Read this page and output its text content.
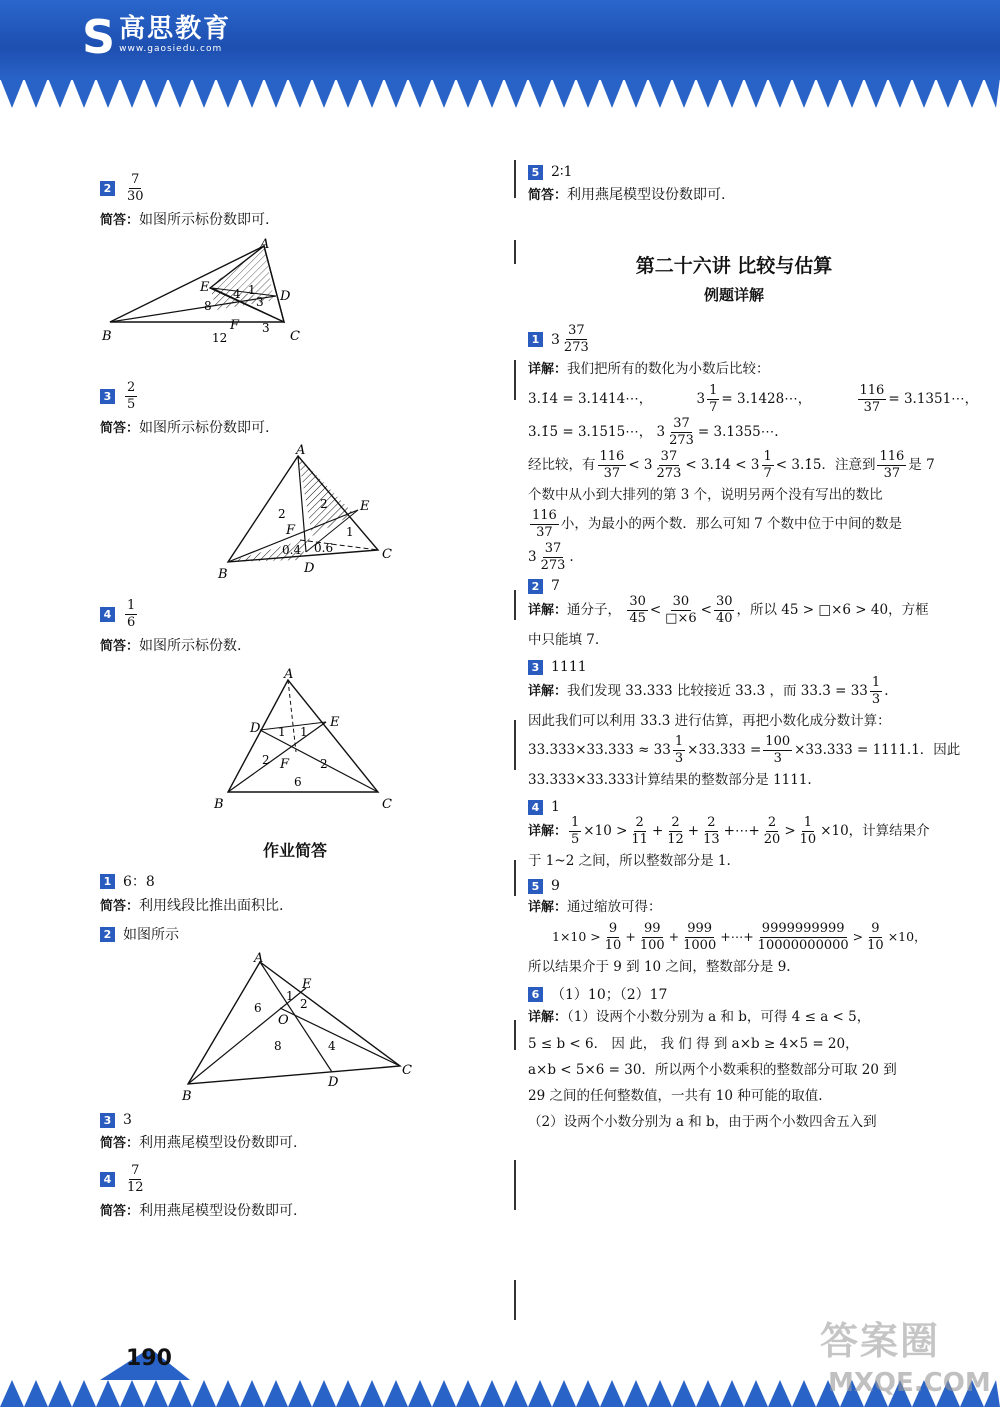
S 高思教育
www.gaosiedu.com
$2 \frac{7}{30}$
简答：如图所示标份数即可.
A
E
D
F
B	C
8
12
3
4 1
3
$3 \frac{2}{5}$
简答：如图所示标份数即可.
A
E
F
D
B
C
2
2
1
0.4 0.6
$4 \frac{1}{6}$
简答：如图所示标份数.
A
D	E
F
B	C
1 1
2	2
6
作业简答
1 6：8
简答：利用线段比推出面积比.
2 如图所示
A
E
O
D
B
C
6
1
2
8	4
3 3
简答：利用燕尾模型设份数即可.
$4 \frac{7}{12}$
简答：利用燕尾模型设份数即可.
5 2∶1
简答：利用燕尾模型设份数即可.
第二十六讲 比较与估算
例题详解
1 $3 \frac{37}{273}$

详解：我们把所有的数化为小数后比较：

3.1̇4̇ = 3.1414⋯，	$3 \frac{1}{7}$ = 3.1428⋯，	$\frac{116}{37}$ = 3.1351⋯，

3.1̇5̇ = 3.1515⋯， $3 \frac{37}{273}$ = 3.1355⋯.

经比较，有 $\frac{116}{37} < 3 \frac{37}{273}$ < 3.1̇4̇ < $3 \frac{1}{7}$ < 3.1̇5̇．注意到 $\frac{116}{37}$ 是 7

个数中从小到大排列的第 3 个，说明另两个没有写出的数比

$\frac{116}{37}$ 小，为最小的两个数．那么可知 7 个数中位于中间的数是

$3 \frac{37}{273}$ .

2 7

详解：通分子， $\frac{30}{45} < \frac{30}{□\times 6} < \frac{30}{40}$ ，所以 45 > □×6 > 40，方框

中只能填 7.

3 1111

详解：我们发现 33.333 比较接近 33.3̇ ，而 33.3̇ = $33 \frac{1}{3}$ .

因此我们可以利用 33.3̇ 进行估算，再把小数化成分数计算：

$33.333\times 33.333 \approx 33 \frac{1}{3} \times 33.333 = \frac{100}{3} \times 33.333 = 1111.1$．因此

33.333×33.333计算结果的整数部分是 1111.

4 1

详解： $\frac{1}{5} \times 10 > \frac{2}{11} + \frac{2}{12} + \frac{2}{13}$ +⋯+ $\frac{2}{20} > \frac{1}{10} \times 10$，计算结果介

于 1~2 之间，所以整数部分是 1.

5 9

详解：通过缩放可得：

$1\times 10 > \frac{9}{10} + \frac{99}{100} + \frac{999}{1000}$ +⋯+ $\frac{9999999999}{10000000000} > \frac{9}{10} \times 10$，

所以结果介于 9 到 10 之间，整数部分是 9.

6 （1）10；（2）17

详解：（1）设两个小数分别为 a 和 b，可得 4 ≤ a < 5，

5 ≤ b < 6． 因 此， 我 们 得 到 a×b ≥ 4×5 = 20，

a×b < 5×6 = 30．所以两个小数乘积的整数部分可取 20 到

29 之间的任何整数值，一共有 10 种可能的取值.

（2）设两个小数分别为 a 和 b，由于两个小数四舍五入到

190	答案圈
MXQE.COM
